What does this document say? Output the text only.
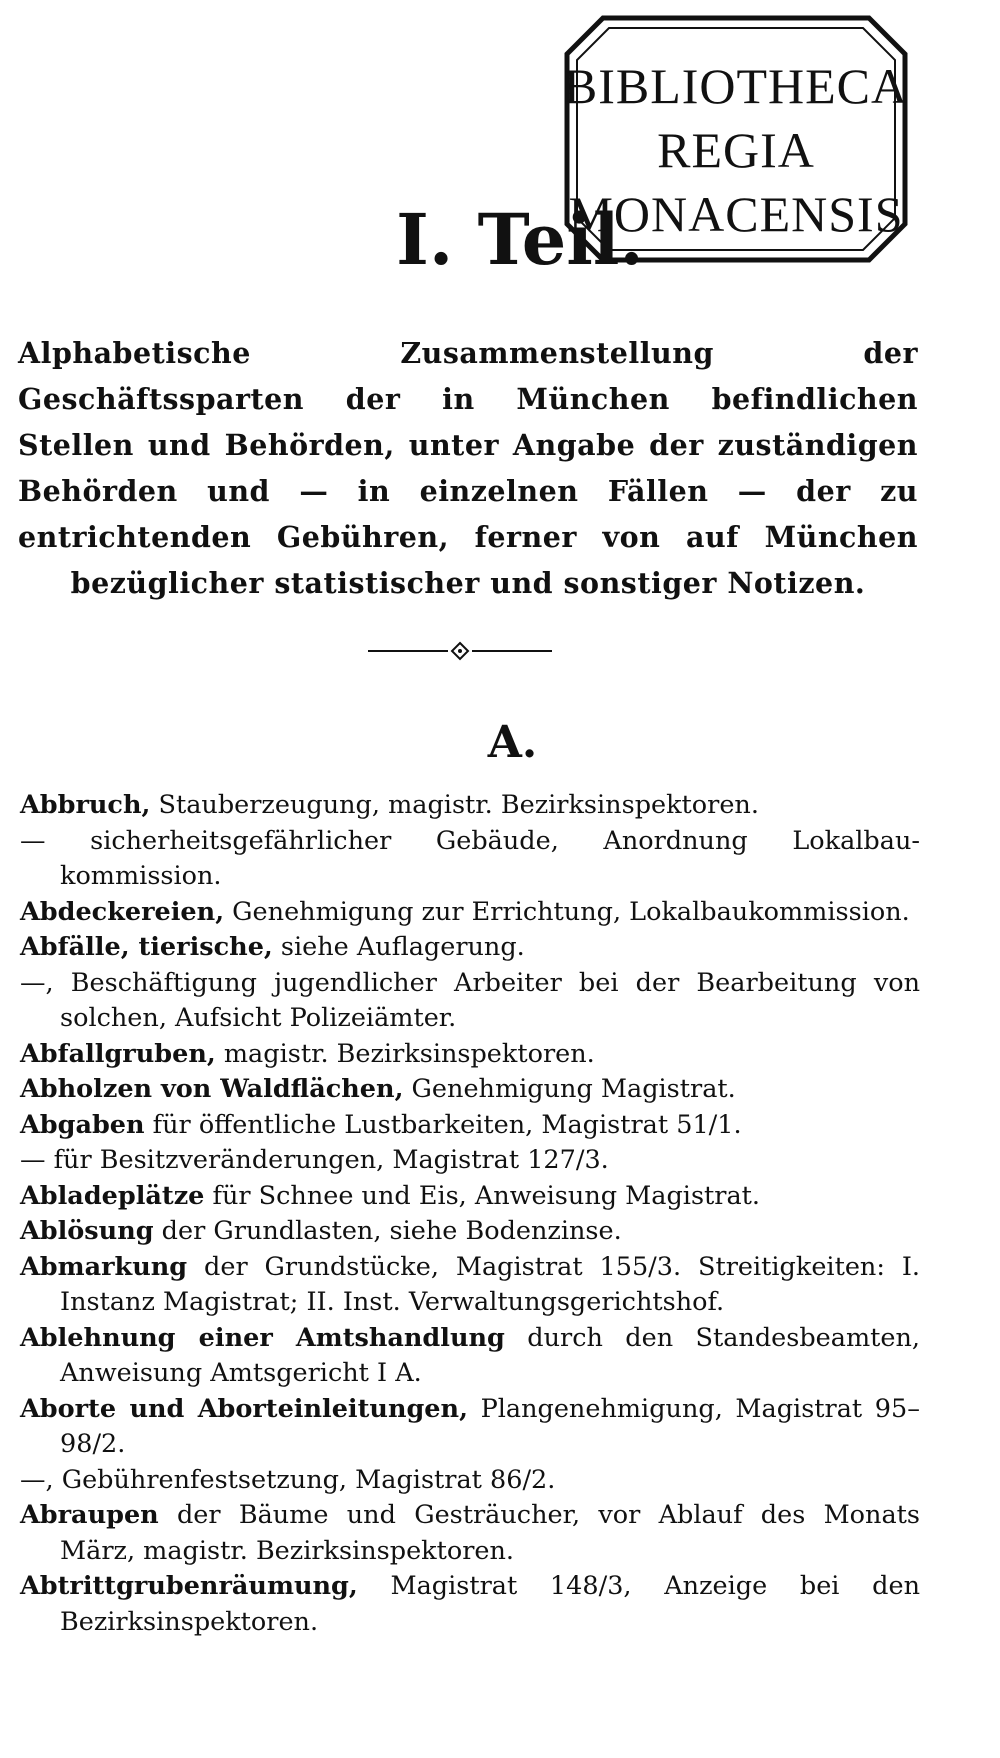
BIBLIOTHECA
REGIA
MONACENSIS
I. Teil.
Alphabetische Zusammenstellung der Geschäftssparten der in München befindlichen Stellen und Behörden, unter Angabe der zuständigen Behörden und — in einzelnen Fällen — der zu entrichtenden Gebühren, ferner von auf München bezüglicher statistischer und sonstiger Notizen.
A.
Abbruch, Stauberzeugung, magistr. Bezirksinspektoren.
— sicherheitsgefährlicher Gebäude, Anordnung Lokalbaukommission.
Abdeckereien, Genehmigung zur Errichtung, Lokalbaukommission.
Abfälle, tierische, siehe Auflagerung.
—, Beschäftigung jugendlicher Arbeiter bei der Bearbeitung von solchen, Aufsicht Polizeiämter.
Abfallgruben, magistr. Bezirksinspektoren.
Abholzen von Waldflächen, Genehmigung Magistrat.
Abgaben für öffentliche Lustbarkeiten, Magistrat 51/1.
— für Besitzveränderungen, Magistrat 127/3.
Abladeplätze für Schnee und Eis, Anweisung Magistrat.
Ablösung der Grundlasten, siehe Bodenzinse.
Abmarkung der Grundstücke, Magistrat 155/3. Streitigkeiten: I. Instanz Magistrat; II. Inst. Verwaltungsgerichtshof.
Ablehnung einer Amtshandlung durch den Standesbeamten, Anweisung Amtsgericht I A.
Aborte und Aborteinleitungen, Plangenehmigung, Magistrat 95–98/2.
—, Gebührenfestsetzung, Magistrat 86/2.
Abraupen der Bäume und Gesträucher, vor Ablauf des Monats März, magistr. Bezirksinspektoren.
Abtrittgrubenräumung, Magistrat 148/3, Anzeige bei den Bezirksinspektoren.
